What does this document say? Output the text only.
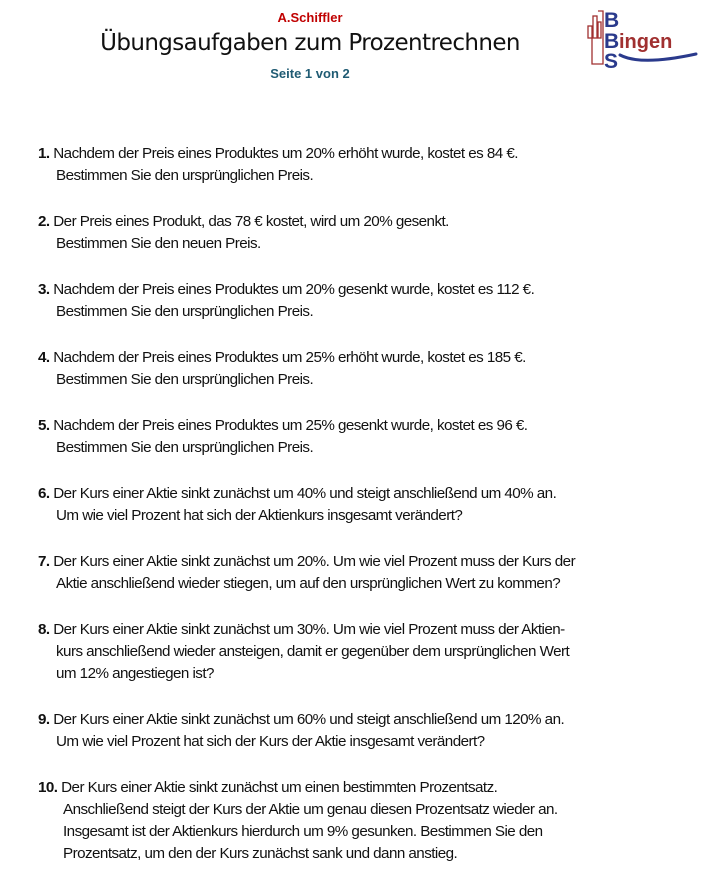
A.Schiffler
Übungsaufgaben zum Prozentrechnen
Seite 1 von 2
B
B
S
ingen
1. Nachdem der Preis eines Produktes um 20% erhöht wurde, kostet es 84 €.
Bestimmen Sie den ursprünglichen Preis.
2. Der Preis eines Produkt, das 78 € kostet, wird um 20% gesenkt.
Bestimmen Sie den neuen Preis.
3. Nachdem der Preis eines Produktes um 20% gesenkt wurde, kostet es 112 €.
Bestimmen Sie den ursprünglichen Preis.
4. Nachdem der Preis eines Produktes um 25% erhöht wurde, kostet es 185 €.
Bestimmen Sie den ursprünglichen Preis.
5. Nachdem der Preis eines Produktes um 25% gesenkt wurde, kostet es 96 €.
Bestimmen Sie den ursprünglichen Preis.
6. Der Kurs einer Aktie sinkt zunächst um 40% und steigt anschließend um 40% an.
Um wie viel Prozent hat sich der Aktienkurs insgesamt verändert?
7. Der Kurs einer Aktie sinkt zunächst um 20%. Um wie viel Prozent muss der Kurs der
Aktie anschließend wieder stiegen, um auf den ursprünglichen Wert zu kommen?
8. Der Kurs einer Aktie sinkt zunächst um 30%. Um wie viel Prozent muss der Aktien-
kurs anschließend wieder ansteigen, damit er gegenüber dem ursprünglichen Wert
um 12% angestiegen ist?
9. Der Kurs einer Aktie sinkt zunächst um 60% und steigt anschließend um 120% an.
Um wie viel Prozent hat sich der Kurs der Aktie insgesamt verändert?
10. Der Kurs einer Aktie sinkt zunächst um einen bestimmten Prozentsatz.
Anschließend steigt der Kurs der Aktie um genau diesen Prozentsatz wieder an.
Insgesamt ist der Aktienkurs hierdurch um 9% gesunken. Bestimmen Sie den
Prozentsatz, um den der Kurs zunächst sank und dann anstieg.
